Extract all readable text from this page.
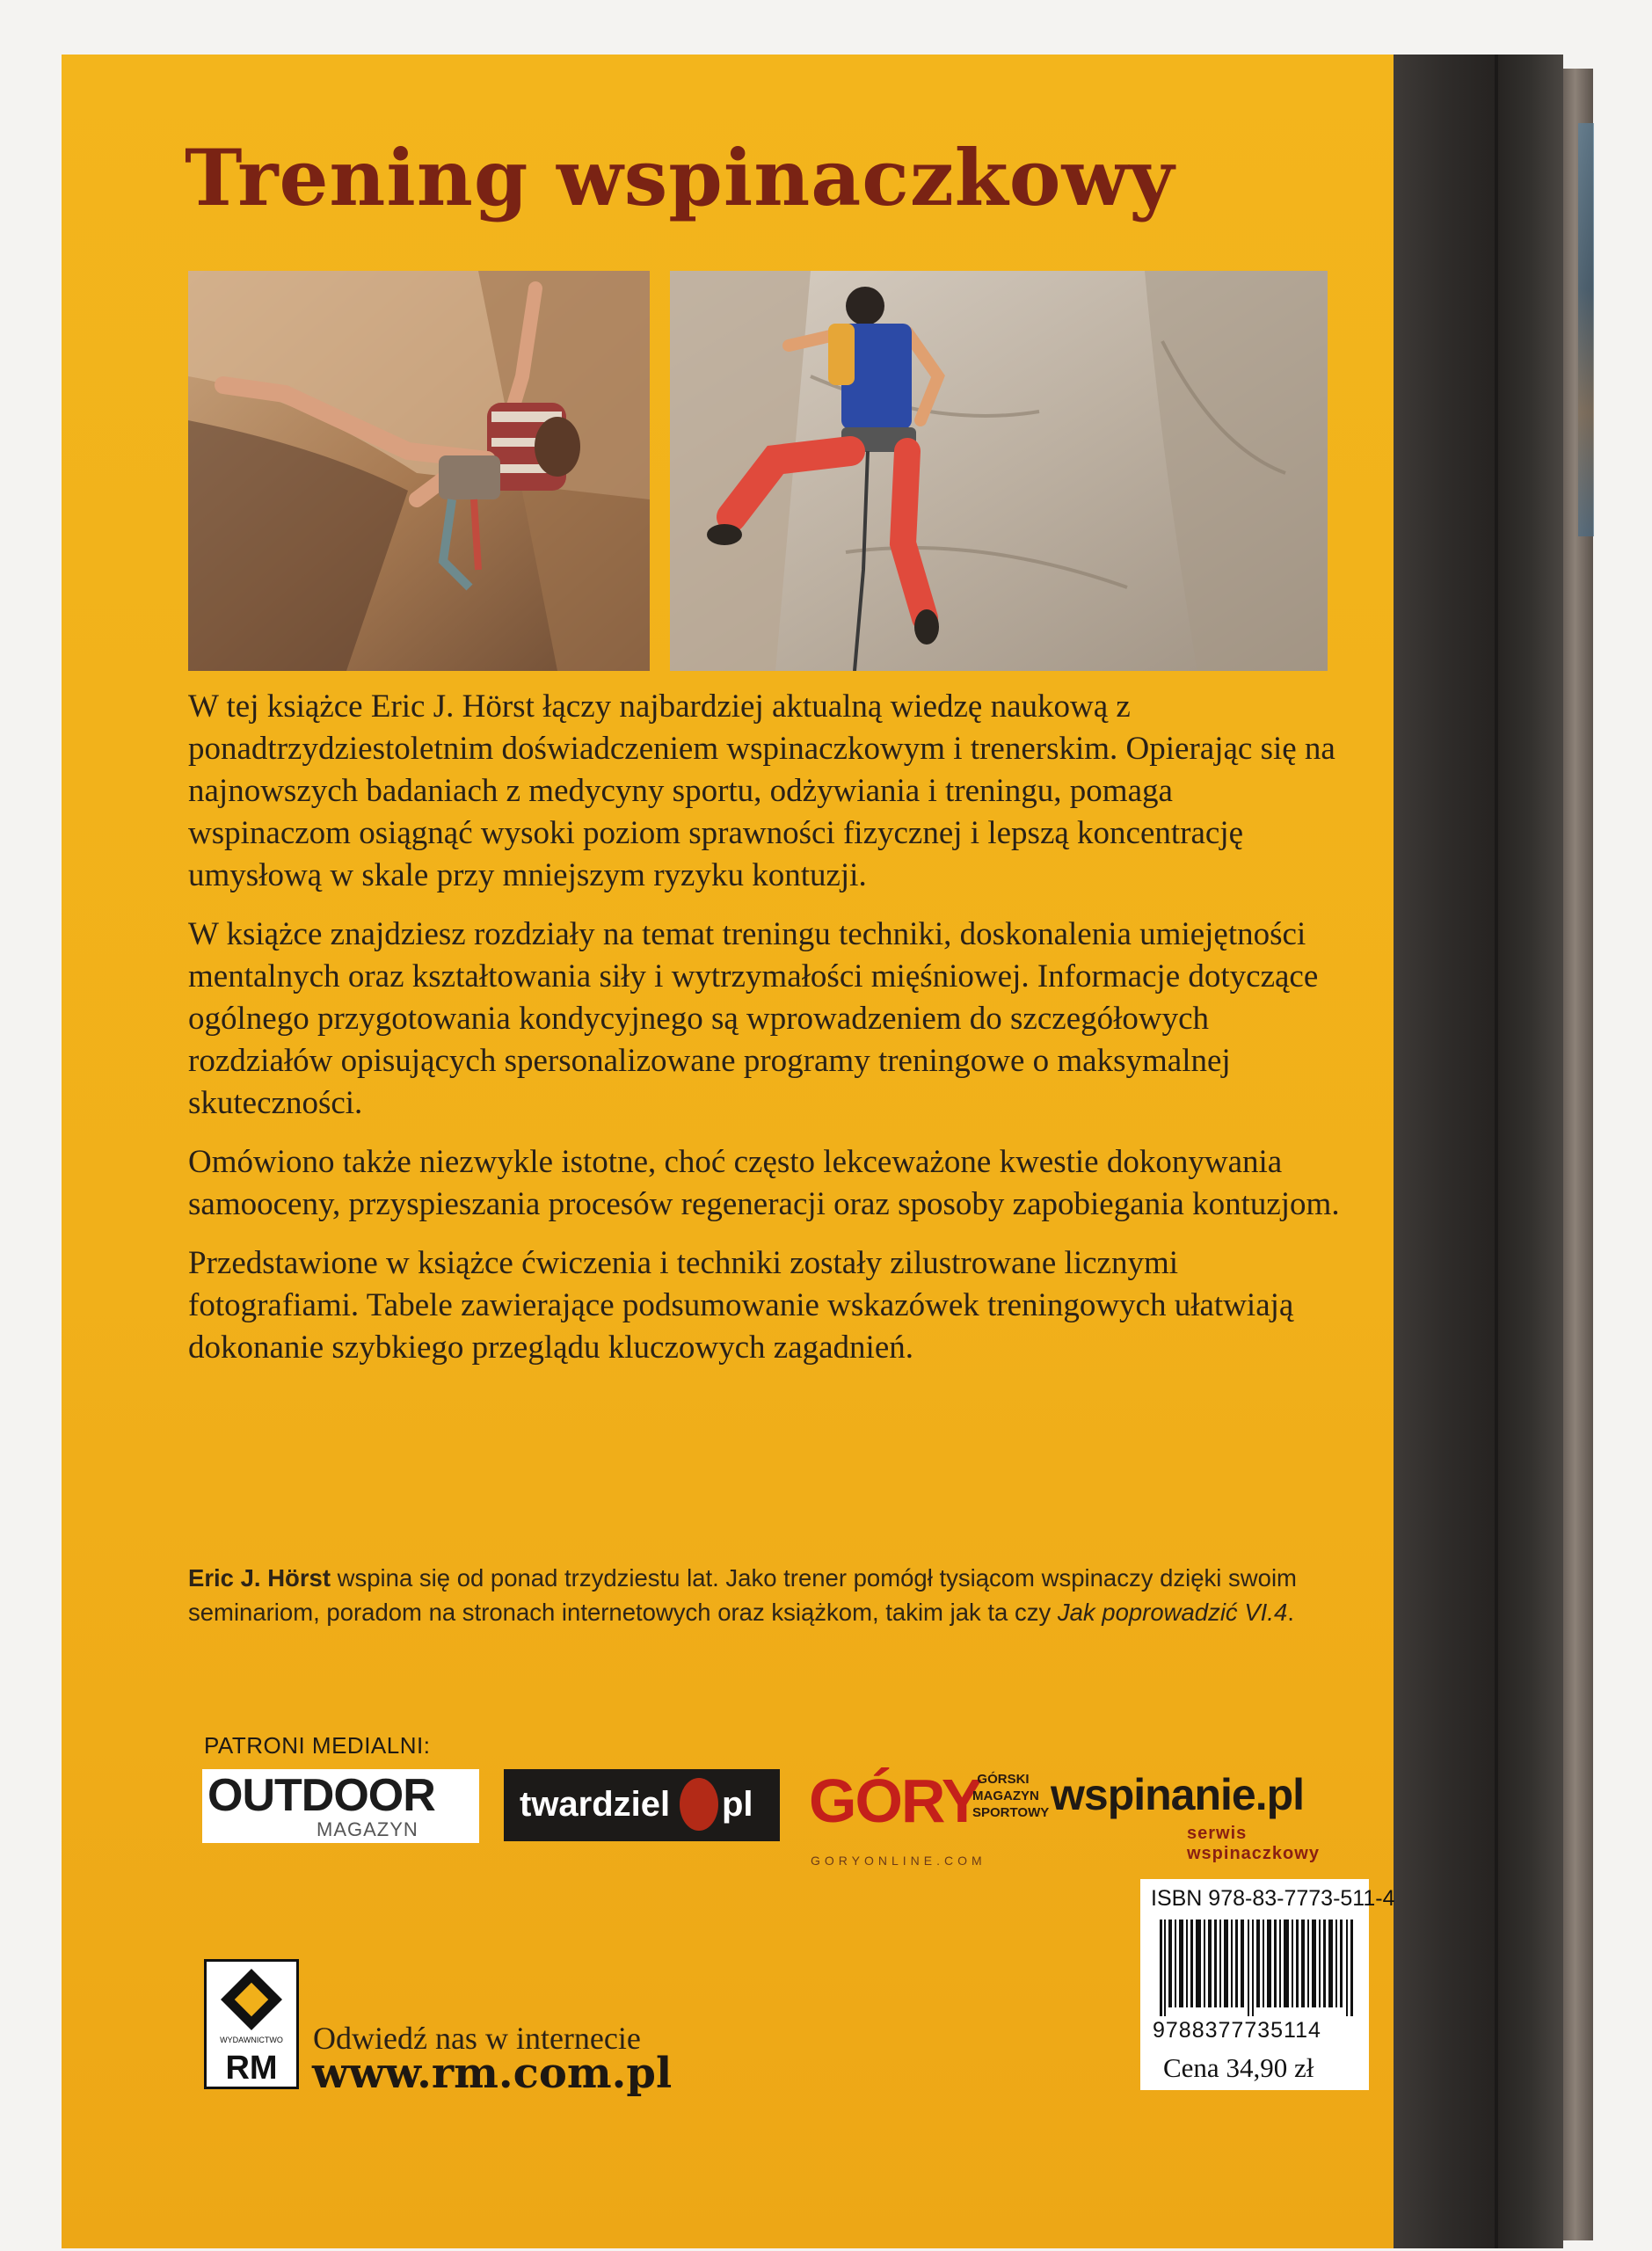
Trening wspinaczkowy

W tej książce Eric J. Hörst łączy najbardziej aktualną wiedzę naukową z ponadtrzydziestoletnim doświadczeniem wspinaczkowym i trenerskim. Opierając się na najnowszych badaniach z medycyny sportu, odżywiania i treningu, pomaga wspinaczom osiągnąć wysoki poziom sprawności fizycznej i lepszą koncentrację umysłową w skale przy mniejszym ryzyku kontuzji.

W książce znajdziesz rozdziały na temat treningu techniki, doskonalenia umiejętności mentalnych oraz kształtowania siły i wytrzymałości mięśniowej. Informacje dotyczące ogólnego przygotowania kondycyjnego są wprowadzeniem do szczegółowych rozdziałów opisujących spersonalizowane programy treningowe o maksymalnej skuteczności.

Omówiono także niezwykle istotne, choć często lekceważone kwestie dokonywania samooceny, przyspieszania procesów regeneracji oraz sposoby zapobiegania kontuzjom.

Przedstawione w książce ćwiczenia i techniki zostały zilustrowane licznymi fotografiami. Tabele zawierające podsumowanie wskazówek treningowych ułatwiają dokonanie szybkiego przeglądu kluczowych zagadnień.

Eric J. Hörst wspina się od ponad trzydziestu lat. Jako trener pomógł tysiącom wspinaczy dzięki swoim seminariom, poradom na stronach internetowych oraz książkom, takim jak ta czy Jak poprowadzić VI.4.
PATRONI MEDIALNI:
OUTDOOR
MAGAZYN
twardziel pl GÓRY
GÓRSKI MAGAZYN SPORTOWY
GORYONLINE.COM
wspinanie.pl
serwis wspinaczkowy
ISBN 978-83-7773-511-4
9788377735114
Cena 34,90 zł
WYDAWNICTWO
RM
Odwiedź nas w internecie
www.rm.com.pl
